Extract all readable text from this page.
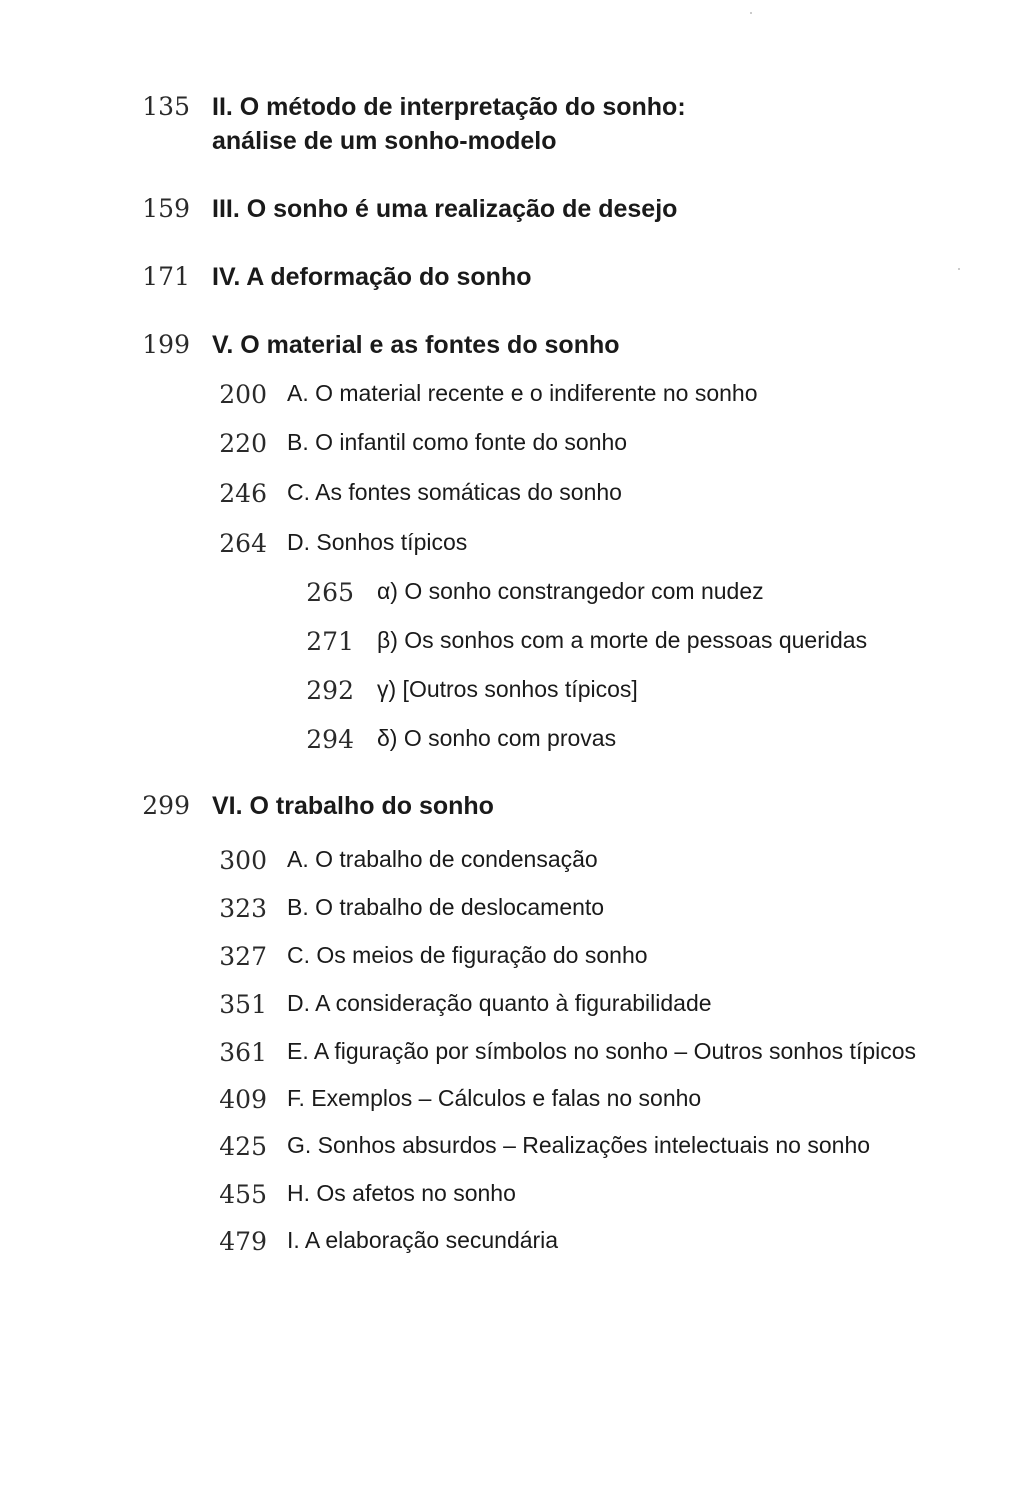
135 II. O método de interpretação do sonho:
análise de um sonho-modelo
159 III. O sonho é uma realização de desejo
171 IV. A deformação do sonho
199 V. O material e as fontes do sonho
200 A. O material recente e o indiferente no sonho
220 B. O infantil como fonte do sonho
246 C. As fontes somáticas do sonho
264 D. Sonhos típicos
265 α) O sonho constrangedor com nudez
271 β) Os sonhos com a morte de pessoas queridas
292 γ) [Outros sonhos típicos]
294 δ) O sonho com provas
299 VI. O trabalho do sonho
300 A. O trabalho de condensação
323 B. O trabalho de deslocamento
327 C. Os meios de figuração do sonho
351 D. A consideração quanto à figurabilidade
361 E. A figuração por símbolos no sonho – Outros sonhos típicos
409 F. Exemplos – Cálculos e falas no sonho
425 G. Sonhos absurdos – Realizações intelectuais no sonho
455 H. Os afetos no sonho
479 I. A elaboração secundária
